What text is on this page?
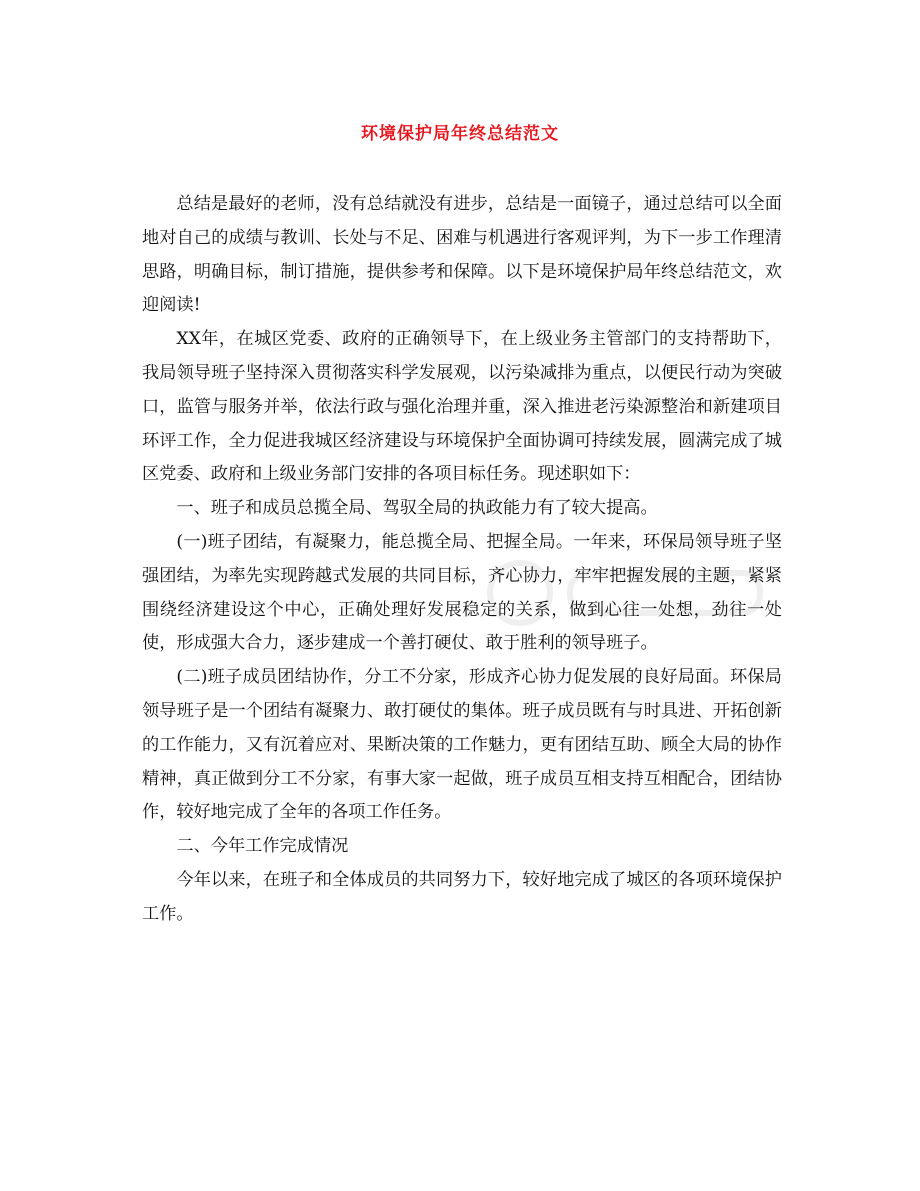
环境保护局年终总结范文

总结是最好的老师，没有总结就没有进步，总结是一面镜子，通过总结可以全面地对自己的成绩与教训、长处与不足、困难与机遇进行客观评判，为下一步工作理清思路，明确目标，制订措施，提供参考和保障。以下是环境保护局年终总结范文，欢迎阅读!

XX年，在城区党委、政府的正确领导下，在上级业务主管部门的支持帮助下，我局领导班子坚持深入贯彻落实科学发展观，以污染减排为重点，以便民行动为突破口，监管与服务并举，依法行政与强化治理并重，深入推进老污染源整治和新建项目环评工作，全力促进我城区经济建设与环境保护全面协调可持续发展，圆满完成了城区党委、政府和上级业务部门安排的各项目标任务。现述职如下：

一、班子和成员总揽全局、驾驭全局的执政能力有了较大提高。

(一)班子团结，有凝聚力，能总揽全局、把握全局。一年来，环保局领导班子坚强团结，为率先实现跨越式发展的共同目标，齐心协力，牢牢把握发展的主题，紧紧围绕经济建设这个中心，正确处理好发展稳定的关系，做到心往一处想，劲往一处使，形成强大合力，逐步建成一个善打硬仗、敢于胜利的领导班子。

(二)班子成员团结协作，分工不分家，形成齐心协力促发展的良好局面。环保局领导班子是一个团结有凝聚力、敢打硬仗的集体。班子成员既有与时具进、开拓创新的工作能力，又有沉着应对、果断决策的工作魅力，更有团结互助、顾全大局的协作精神，真正做到分工不分家，有事大家一起做，班子成员互相支持互相配合，团结协作，较好地完成了全年的各项工作任务。

二、今年工作完成情况

今年以来，在班子和全体成员的共同努力下，较好地完成了城区的各项环境保护工作。
